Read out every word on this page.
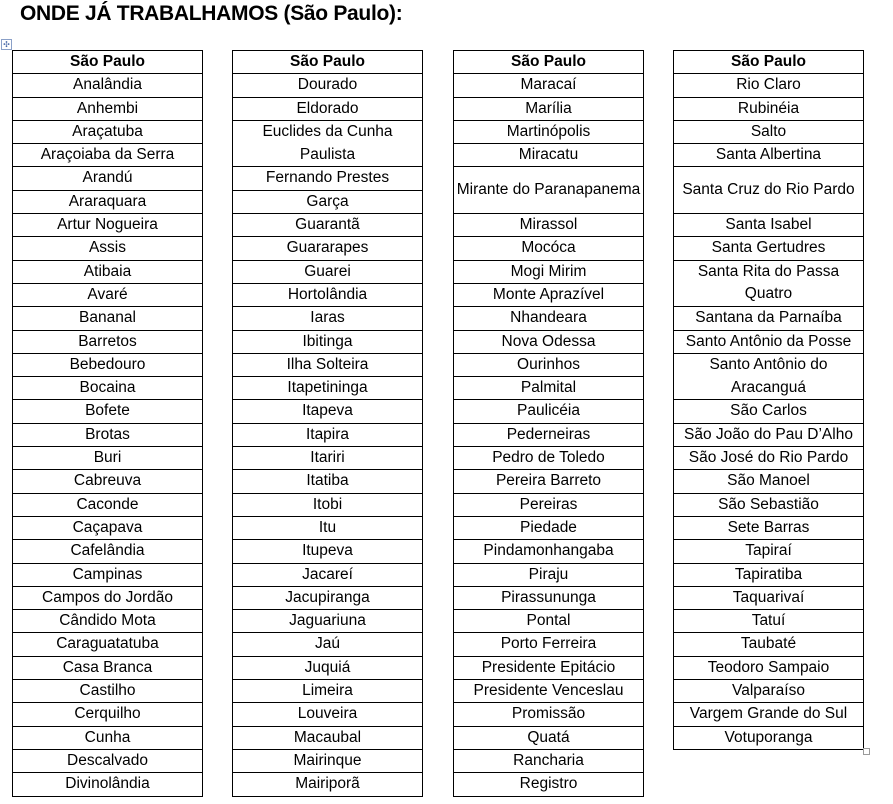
ONDE JÁ TRABALHAMOS (São Paulo):
✣
São Paulo
Analândia
Anhembi
Araçatuba
Araçoiaba da Serra
Arandú
Araraquara
Artur Nogueira
Assis
Atibaia
Avaré
Bananal
Barretos
Bebedouro
Bocaina
Bofete
Brotas
Buri
Cabreuva
Caconde
Caçapava
Cafelândia
Campinas
Campos do Jordão
Cândido Mota
Caraguatatuba
Casa Branca
Castilho
Cerquilho
Cunha
Descalvado
Divinolândia
São Paulo
Dourado
Eldorado
Euclides da Cunha Paulista
Fernando Prestes
Garça
Guarantã
Guararapes
Guarei
Hortolândia
Iaras
Ibitinga
Ilha Solteira
Itapetininga
Itapeva
Itapira
Itariri
Itatiba
Itobi
Itu
Itupeva
Jacareí
Jacupiranga
Jaguariuna
Jaú
Juquiá
Limeira
Louveira
Macaubal
Mairinque
Mairiporã
São Paulo
Maracaí
Marília
Martinópolis
Miracatu
Mirante do Paranapanema
Mirassol
Mocóca
Mogi Mirim
Monte Aprazível
Nhandeara
Nova Odessa
Ourinhos
Palmital
Paulicéia
Pederneiras
Pedro de Toledo
Pereira Barreto
Pereiras
Piedade
Pindamonhangaba
Piraju
Pirassununga
Pontal
Porto Ferreira
Presidente Epitácio
Presidente Venceslau
Promissão
Quatá
Rancharia
Registro
São Paulo
Rio Claro
Rubinéia
Salto
Santa Albertina
Santa Cruz do Rio Pardo
Santa Isabel
Santa Gertudres
Santa Rita do Passa Quatro
Santana da Parnaíba
Santo Antônio da Posse
Santo Antônio do Aracanguá
São Carlos
São João do Pau D’Alho
São José do Rio Pardo
São Manoel
São Sebastião
Sete Barras
Tapiraí
Tapiratiba
Taquarivaí
Tatuí
Taubaté
Teodoro Sampaio
Valparaíso
Vargem Grande do Sul
Votuporanga
